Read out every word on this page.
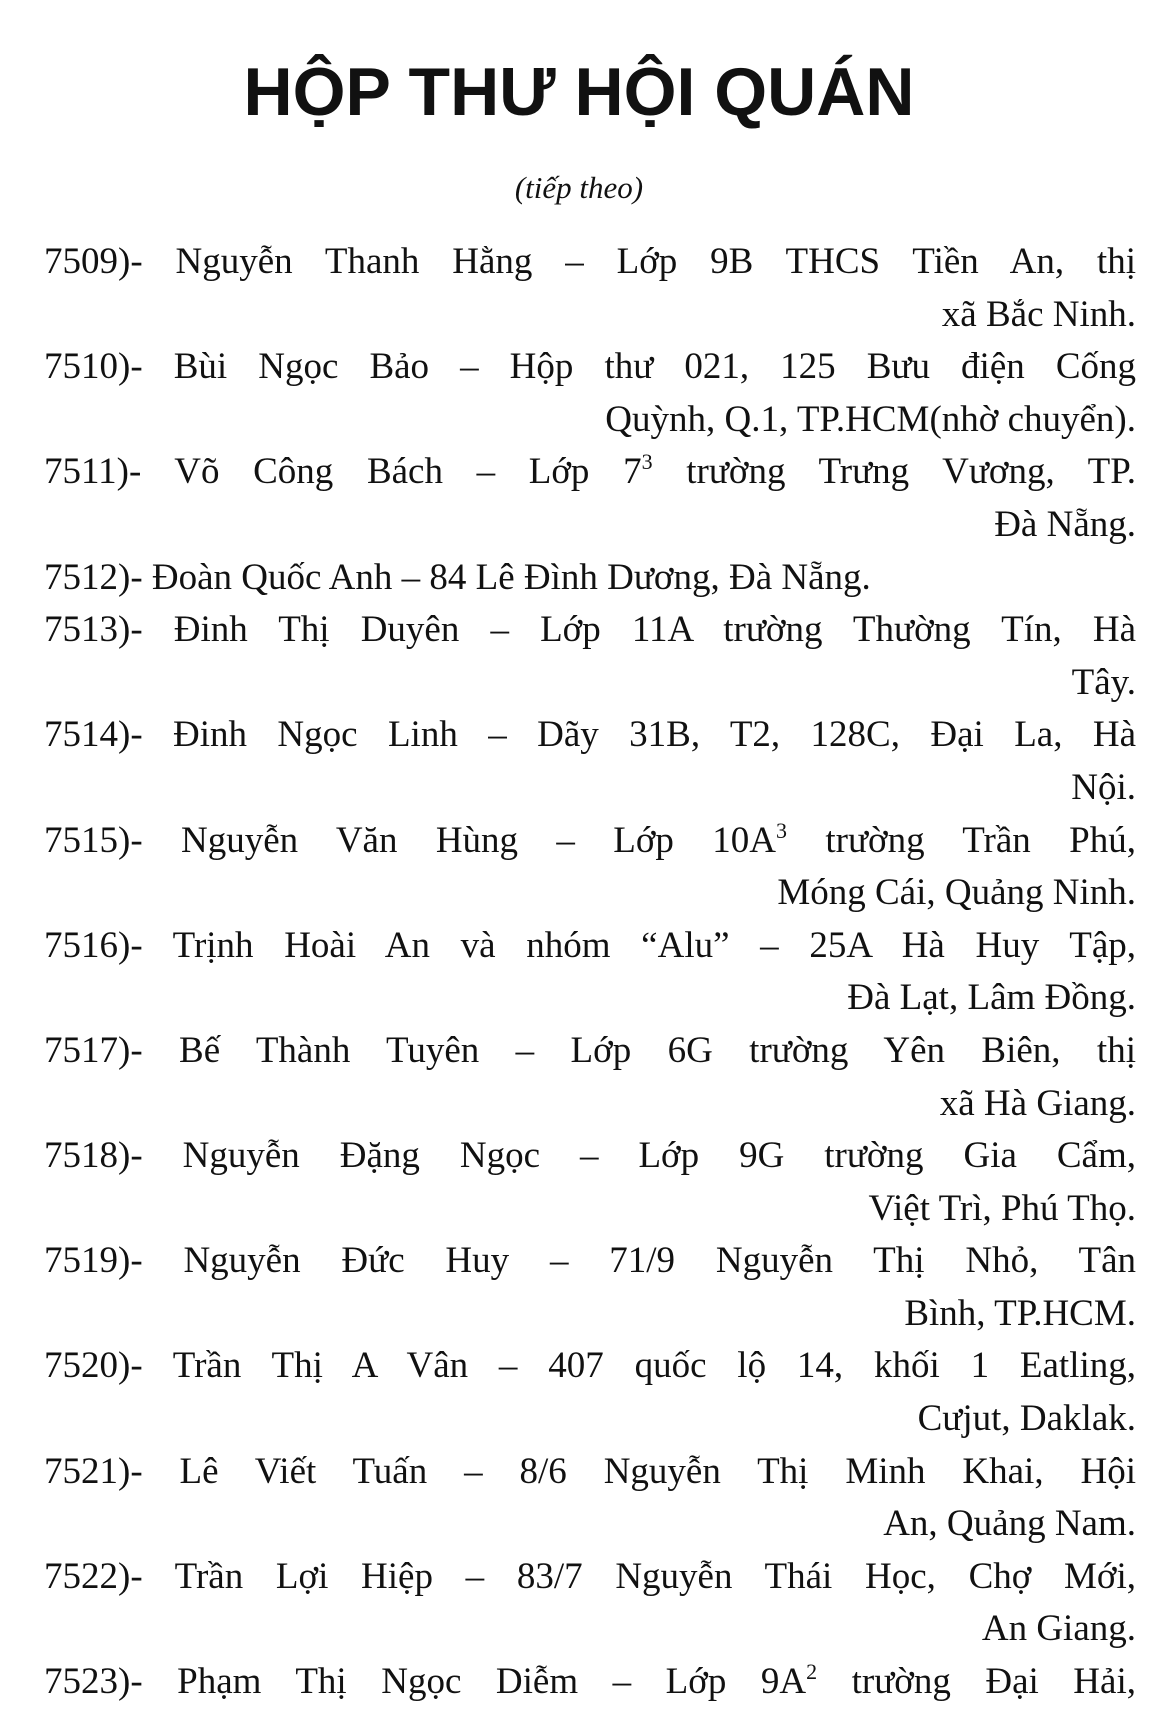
HỘP THƯ HỘI QUÁN
(tiếp theo)
7509)- Nguyễn Thanh Hằng – Lớp 9B THCS Tiền An, thị
xã Bắc Ninh.
7510)- Bùi Ngọc Bảo – Hộp thư 021, 125 Bưu điện Cống
Quỳnh, Q.1, TP.HCM(nhờ chuyển).
7511)- Võ Công Bách – Lớp $7^3$ trường Trưng Vương, TP.
Đà Nẵng.
7512)- Đoàn Quốc Anh – 84 Lê Đình Dương, Đà Nẵng.
7513)- Đinh Thị Duyên – Lớp 11A trường Thường Tín, Hà
Tây.
7514)- Đinh Ngọc Linh – Dãy 31B, T2, 128C, Đại La, Hà
Nội.
7515)- Nguyễn Văn Hùng – Lớp $10A^3$ trường Trần Phú,
Móng Cái, Quảng Ninh.
7516)- Trịnh Hoài An và nhóm “Alu” – 25A Hà Huy Tập,
Đà Lạt, Lâm Đồng.
7517)- Bế Thành Tuyên – Lớp 6G trường Yên Biên, thị
xã Hà Giang.
7518)- Nguyễn Đặng Ngọc – Lớp 9G trường Gia Cẩm,
Việt Trì, Phú Thọ.
7519)- Nguyễn Đức Huy – 71/9 Nguyễn Thị Nhỏ, Tân
Bình, TP.HCM.
7520)- Trần Thị A Vân – 407 quốc lộ 14, khối 1 Eatling,
Cưjut, Daklak.
7521)- Lê Viết Tuấn – 8/6 Nguyễn Thị Minh Khai, Hội
An, Quảng Nam.
7522)- Trần Lợi Hiệp – 83/7 Nguyễn Thái Học, Chợ Mới,
An Giang.
7523)- Phạm Thị Ngọc Diễm – Lớp $9A^2$ trường Đại Hải,
